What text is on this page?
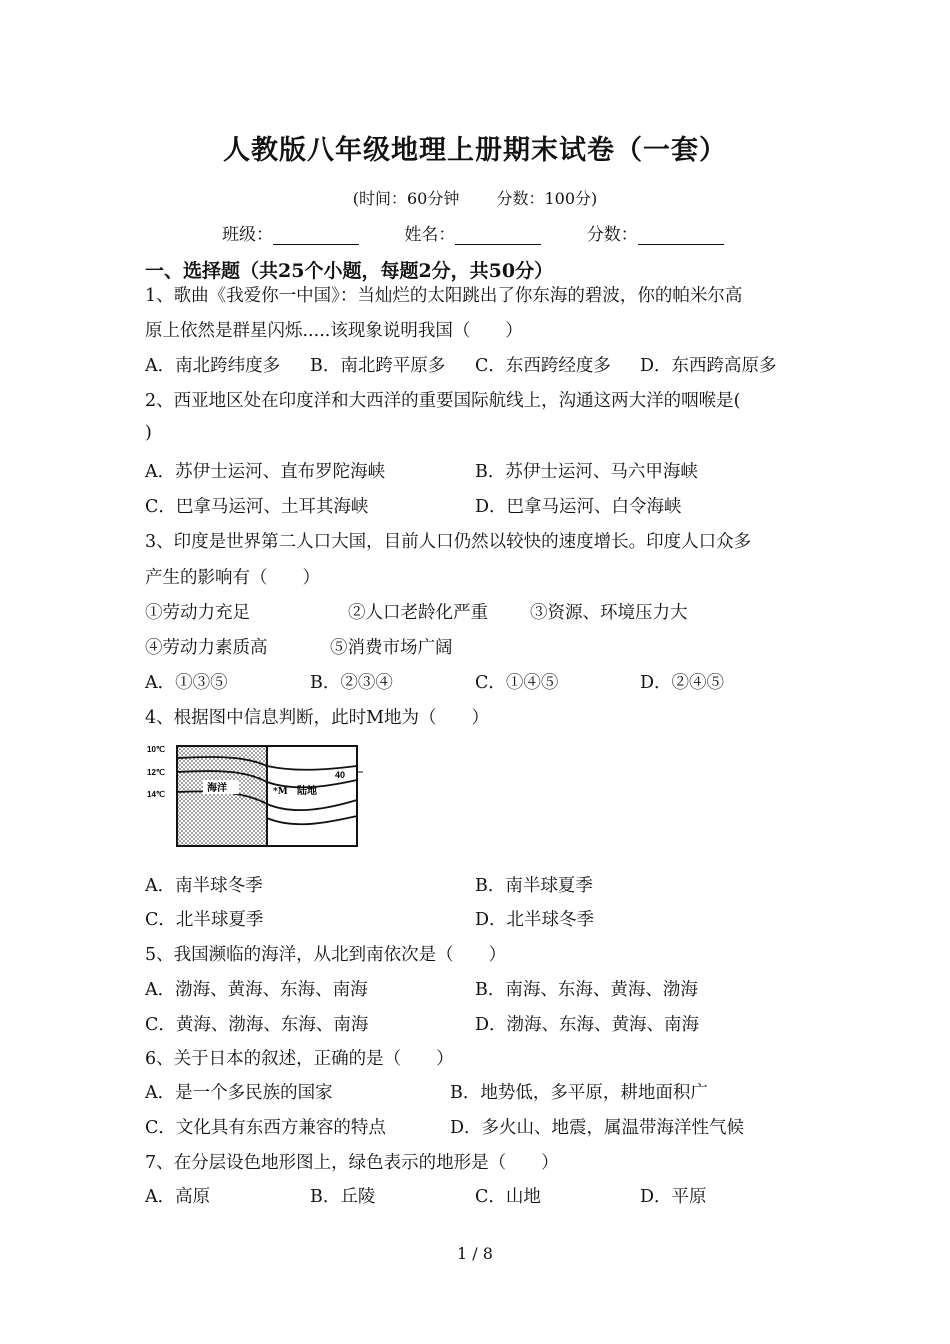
人教版八年级地理上册期末试卷（一套）
(时间：60分钟 分数：100分)
班级：	姓名：	分数：
一、选择题（共25个小题，每题2分，共50分）
1、歌曲《我爱你一中国》：当灿烂的太阳跳出了你东海的碧波，你的帕米尔高
原上依然是群星闪烁.....该现象说明我国（　　）
A．南北跨纬度多 B．南北跨平原多 C．东西跨经度多 D．东西跨高原多
2、西亚地区处在印度洋和大西洋的重要国际航线上，沟通这两大洋的咽喉是(
)
A．苏伊士运河、直布罗陀海峡	B．苏伊士运河、马六甲海峡
C．巴拿马运河、土耳其海峡	D．巴拿马运河、白令海峡
3、印度是世界第二人口大国，目前人口仍然以较快的速度增长。印度人口众多
产生的影响有（　　）
①劳动力充足	②人口老龄化严重 ③资源、环境压力大
④劳动力素质高	⑤消费市场广阔
A．①③⑤	B．②③④	C．①④⑤	D．②④⑤
4、根据图中信息判断，此时M地为（　　）
10℃
12℃
14℃
海洋	*M 陆地
40
A．南半球冬季	B．南半球夏季
C．北半球夏季	D．北半球冬季
5、我国濒临的海洋，从北到南依次是（　　）
A．渤海、黄海、东海、南海	B．南海、东海、黄海、渤海
C．黄海、渤海、东海、南海	D．渤海、东海、黄海、南海
6、关于日本的叙述，正确的是（　　）
A．是一个多民族的国家	B．地势低，多平原，耕地面积广
C．文化具有东西方兼容的特点	D．多火山、地震，属温带海洋性气候
7、在分层设色地形图上，绿色表示的地形是（　　）
A．高原	B．丘陵	C．山地	D．平原
1 / 8
